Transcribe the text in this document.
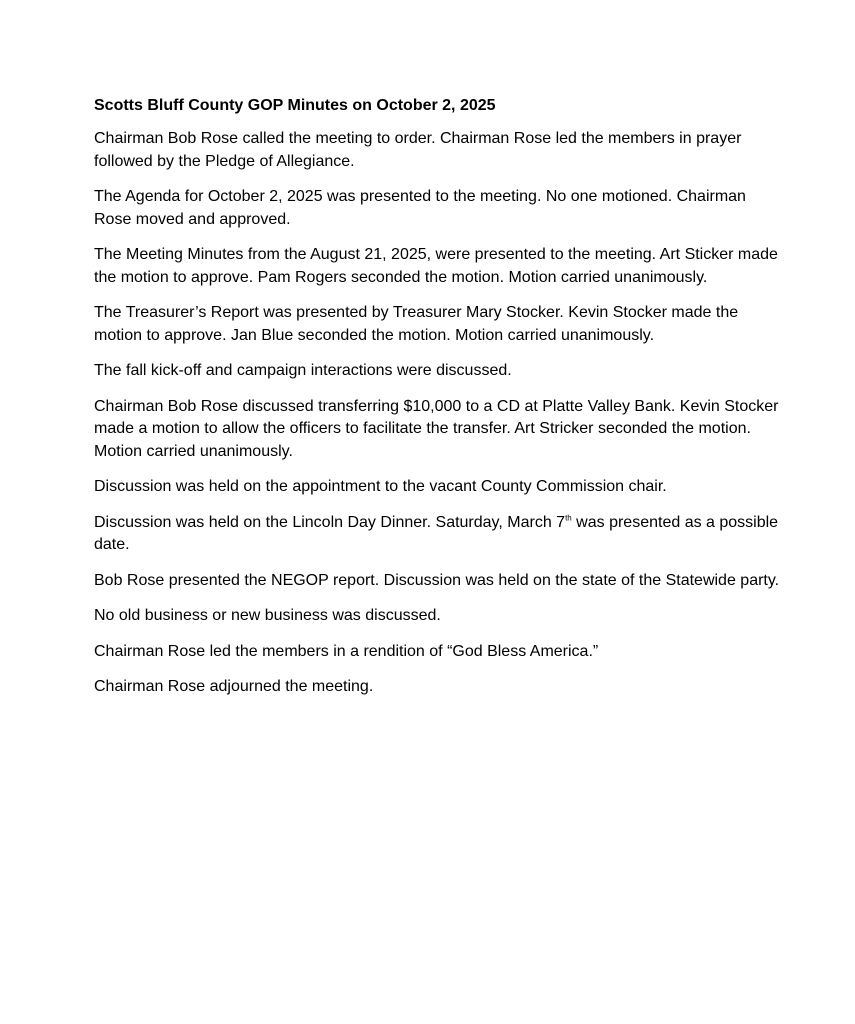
Scotts Bluff County GOP Minutes on October 2, 2025

Chairman Bob Rose called the meeting to order. Chairman Rose led the members in prayer followed by the Pledge of Allegiance.

The Agenda for October 2, 2025 was presented to the meeting. No one motioned. Chairman Rose moved and approved.

The Meeting Minutes from the August 21, 2025, were presented to the meeting. Art Sticker made the motion to approve. Pam Rogers seconded the motion. Motion carried unanimously.

The Treasurer’s Report was presented by Treasurer Mary Stocker. Kevin Stocker made the motion to approve. Jan Blue seconded the motion. Motion carried unanimously.

The fall kick-off and campaign interactions were discussed.

Chairman Bob Rose discussed transferring $10,000 to a CD at Platte Valley Bank. Kevin Stocker made a motion to allow the officers to facilitate the transfer. Art Stricker seconded the motion. Motion carried unanimously.

Discussion was held on the appointment to the vacant County Commission chair.

Discussion was held on the Lincoln Day Dinner. Saturday, March 7th was presented as a possible date.

Bob Rose presented the NEGOP report. Discussion was held on the state of the Statewide party.

No old business or new business was discussed.

Chairman Rose led the members in a rendition of “God Bless America.”

Chairman Rose adjourned the meeting.
